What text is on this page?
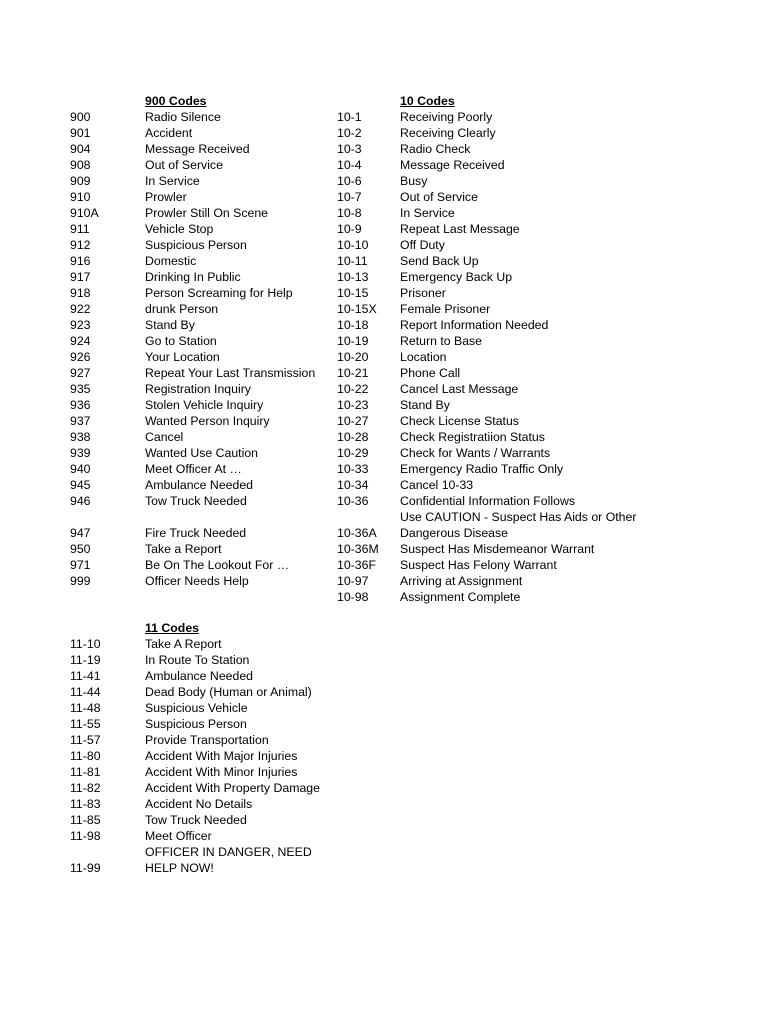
900 Codes
900	Radio Silence
901	Accident
904	Message Received
908	Out of Service
909	In Service
910	Prowler
910A	Prowler Still On Scene
911	Vehicle Stop
912	Suspicious Person
916	Domestic
917	Drinking In Public
918	Person Screaming for Help
922	drunk Person
923	Stand By
924	Go to Station
926	Your Location
927	Repeat Your Last Transmission
935	Registration Inquiry
936	Stolen Vehicle Inquiry
937	Wanted Person Inquiry
938	Cancel
939	Wanted Use Caution
940	Meet Officer At …
945	Ambulance Needed
946	Tow Truck Needed
947	Fire Truck Needed
950	Take a Report
971	Be On The Lookout For …
999	Officer Needs Help
10 Codes
10-1	Receiving Poorly
10-2	Receiving Clearly
10-3	Radio Check
10-4	Message Received
10-6	Busy
10-7	Out of Service
10-8	In Service
10-9	Repeat Last Message
10-10	Off Duty
10-11	Send Back Up
10-13	Emergency Back Up
10-15	Prisoner
10-15X Female Prisoner
10-18	Report Information Needed
10-19	Return to Base
10-20	Location
10-21	Phone Call
10-22	Cancel Last Message
10-23	Stand By
10-27	Check License Status
10-28	Check Registratiion Status
10-29	Check for Wants / Warrants
10-33	Emergency Radio Traffic Only
10-34	Cancel 10-33
10-36	Confidential Information Follows
Use CAUTION - Suspect Has Aids or Other
10-36A Dangerous Disease
10-36M Suspect Has Misdemeanor Warrant
10-36F Suspect Has Felony Warrant
10-97	Arriving at Assignment
10-98	Assignment Complete
11 Codes
11-10	Take A Report
11-19	In Route To Station
11-41	Ambulance Needed
11-44	Dead Body (Human or Animal)
11-48	Suspicious Vehicle
11-55	Suspicious Person
11-57	Provide Transportation
11-80	Accident With Major Injuries
11-81	Accident With Minor Injuries
11-82	Accident With Property Damage
11-83	Accident No Details
11-85	Tow Truck Needed
11-98	Meet Officer
OFFICER IN DANGER, NEED
11-99	HELP NOW!
